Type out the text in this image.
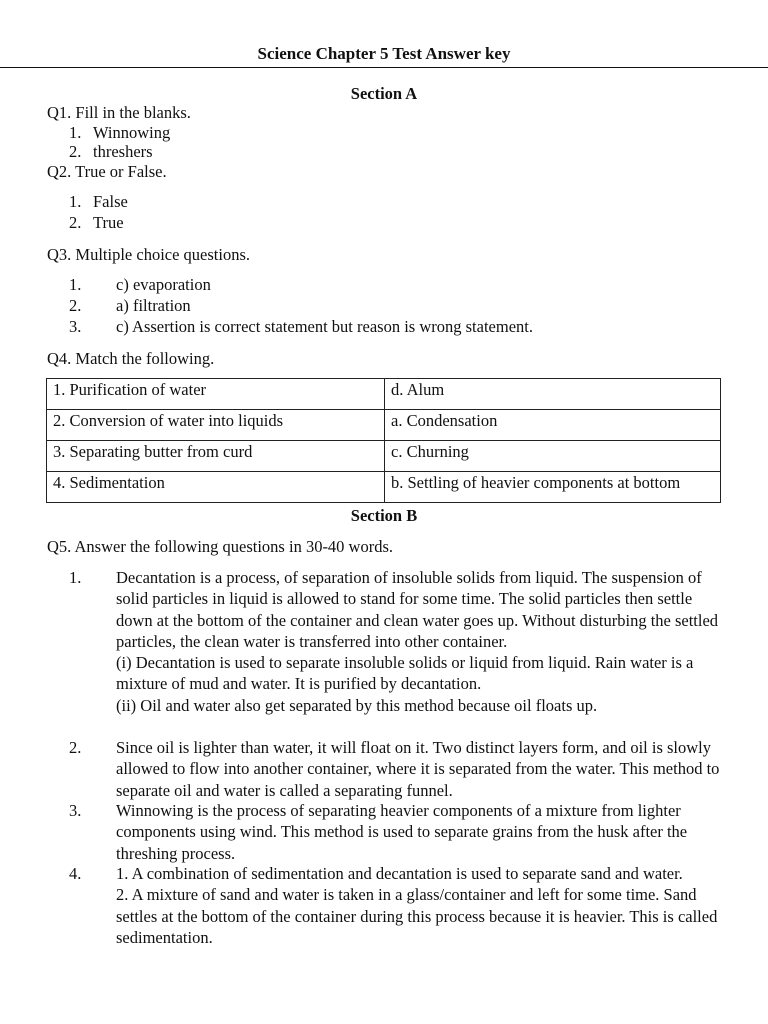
Science Chapter 5 Test Answer key
Section A
Q1. Fill in the blanks.
1. Winnowing
2. threshers
Q2. True or False.
1. False
2. True
Q3. Multiple choice questions.
1.	c) evaporation
2.	a) filtration
3.	c) Assertion is correct statement but reason is wrong statement.
Q4. Match the following.
1. Purification of water	d. Alum
2. Conversion of water into liquids	a. Condensation
3. Separating butter from curd	c. Churning
4. Sedimentation	b. Settling of heavier components at bottom
Section B
Q5. Answer the following questions in 30-40 words.
1. Decantation is a process, of separation of insoluble solids from liquid. The suspension of solid particles in liquid is allowed to stand for some time. The solid particles then settle down at the bottom of the container and clean water goes up. Without disturbing the settled particles, the clean water is transferred into other container.

(i) Decantation is used to separate insoluble solids or liquid from liquid. Rain water is a mixture of mud and water. It is purified by decantation.

(ii) Oil and water also get separated by this method because oil floats up.

2. Since oil is lighter than water, it will float on it. Two distinct layers form, and oil is slowly allowed to flow into another container, where it is separated from the water. This method to separate oil and water is called a separating funnel.

3. Winnowing is the process of separating heavier components of a mixture from lighter components using wind. This method is used to separate grains from the husk after the threshing process.

4. 1. A combination of sedimentation and decantation is used to separate sand and water.

2. A mixture of sand and water is taken in a glass/container and left for some time. Sand settles at the bottom of the container during this process because it is heavier. This is called sedimentation.
